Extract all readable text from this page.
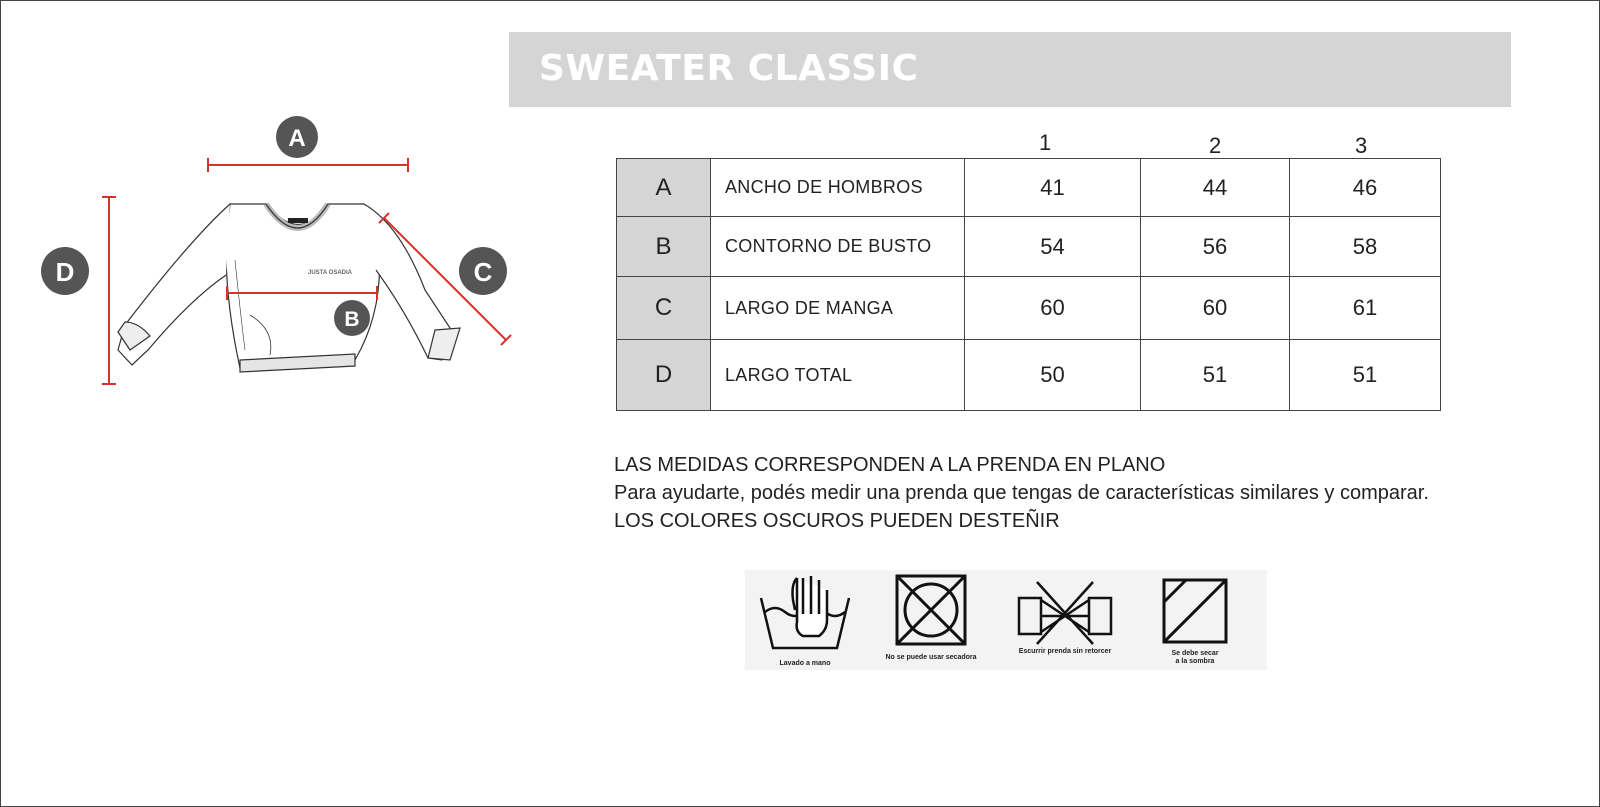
SWEATER CLASSIC
JUSTA OSADIA
A
B
C
D
1	2	3
A	ANCHO DE HOMBROS	41	44	46
B	CONTORNO DE BUSTO	54	56	58
C	LARGO DE MANGA	60	60	61
D	LARGO TOTAL	50	51	51
LAS MEDIDAS CORRESPONDEN A LA PRENDA EN PLANO
Para ayudarte, podés medir una prenda que tengas de características similares y comparar.
LOS COLORES OSCUROS PUEDEN DESTEÑIR
Lavado a mano
No se puede usar secadora
Escurrir prenda sin retorcer	Se debe secar
a la sombra
